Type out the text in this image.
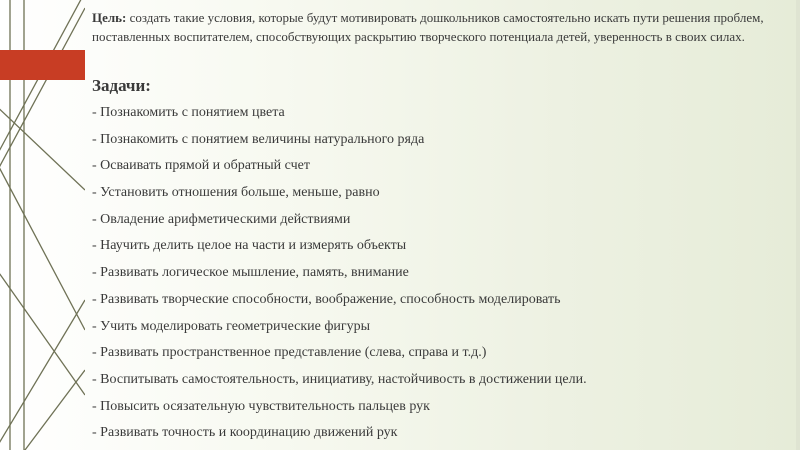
Цель: создать такие условия, которые будут мотивировать дошкольников самостоятельно искать пути решения проблем, поставленных воспитателем, способствующих раскрытию творческого потенциала детей, уверенность в своих силах.

Задачи:

- Познакомить с понятием цвета
- Познакомить с понятием величины натурального ряда
- Осваивать прямой и обратный счет
- Установить отношения больше, меньше, равно
- Овладение арифметическими действиями
- Научить делить целое на части и измерять объекты
- Развивать логическое мышление, память, внимание
- Развивать творческие способности, воображение, способность моделировать
- Учить моделировать геометрические фигуры
- Развивать пространственное представление (слева, справа и т.д.)
- Воспитывать самостоятельность, инициативу, настойчивость в достижении цели.
- Повысить осязательную чувствительность пальцев рук
- Развивать точность и координацию движений рук
